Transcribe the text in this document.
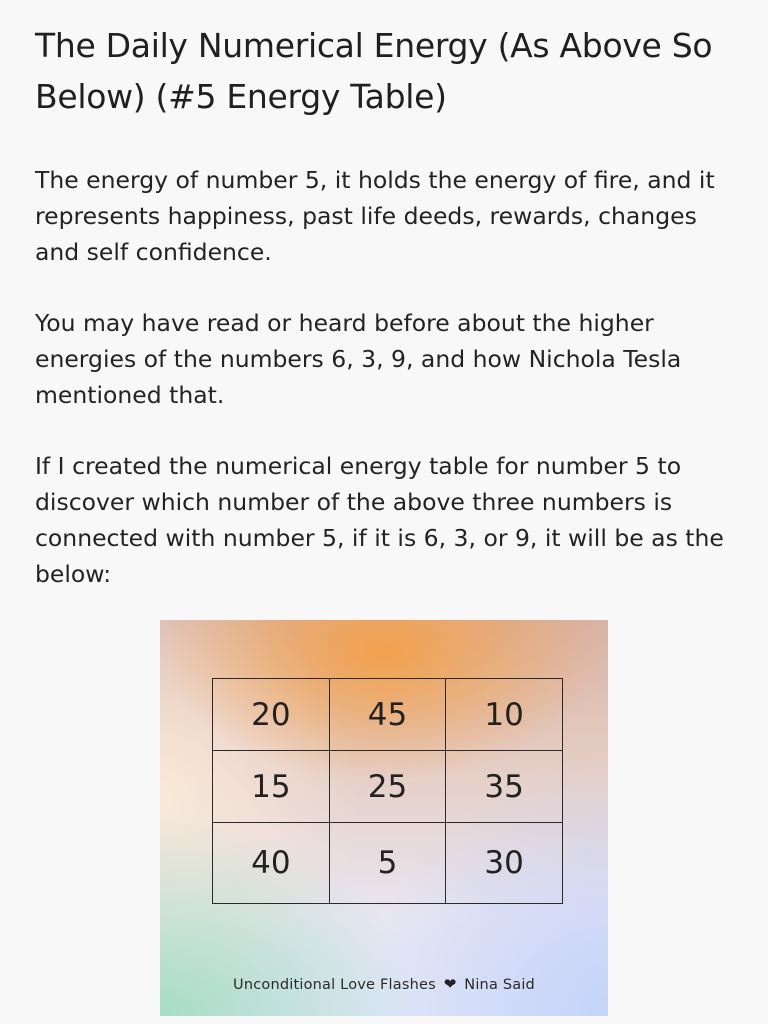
The Daily Numerical Energy (As Above So Below) (#5 Energy Table)

The energy of number 5, it holds the energy of fire, and it represents happiness, past life deeds, rewards, changes and self confidence.

You may have read or heard before about the higher energies of the numbers 6, 3, 9, and how Nichola Tesla mentioned that.

If I created the numerical energy table for number 5 to discover which number of the above three numbers is connected with number 5, if it is 6, 3, or 9, it will be as the below:

20	45	10
15	25	35
40	5	30
Unconditional Love Flashes ❤ Nina Said
